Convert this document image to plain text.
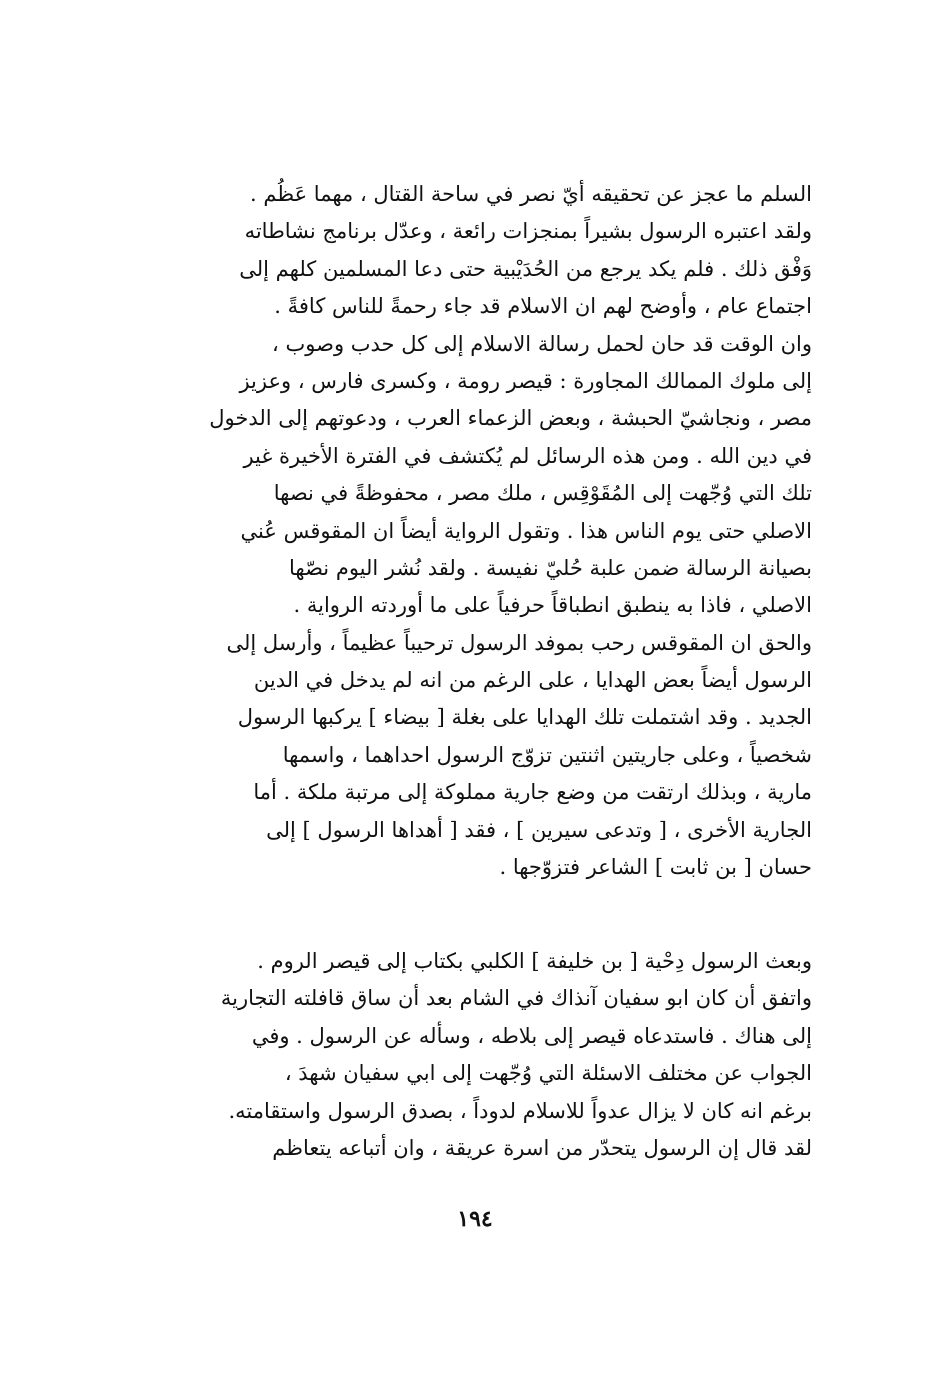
السلم ما عجز عن تحقيقه أيّ نصر في ساحة القتال ، مهما عَظُم .
ولقد اعتبره الرسول بشيراً بمنجزات رائعة ، وعدّل برنامج نشاطاته
وَفْق ذلك . فلم يكد يرجع من الحُدَيْبية حتى دعا المسلمين كلهم إلى
اجتماع عام ، وأوضح لهم ان الاسلام قد جاء رحمةً للناس كافةً .
وان الوقت قد حان لحمل رسالة الاسلام إلى كل حدب وصوب ،
إلى ملوك الممالك المجاورة : قيصر رومة ، وكسرى فارس ، وعزيز
مصر ، ونجاشيّ الحبشة ، وبعض الزعماء العرب ، ودعوتهم إلى الدخول
في دين الله . ومن هذه الرسائل لم يُكتشف في الفترة الأخيرة غير
تلك التي وُجّهت إلى المُقَوْقِس ، ملك مصر ، محفوظةً في نصها
الاصلي حتى يوم الناس هذا . وتقول الرواية أيضاً ان المقوقس عُني
بصيانة الرسالة ضمن علبة حُليّ نفيسة . ولقد نُشر اليوم نصّها
الاصلي ، فاذا به ينطبق انطباقاً حرفياً على ما أوردته الرواية .
والحق ان المقوقس رحب بموفد الرسول ترحيباً عظيماً ، وأرسل إلى
الرسول أيضاً بعض الهدايا ، على الرغم من انه لم يدخل في الدين
الجديد . وقد اشتملت تلك الهدايا على بغلة [ بيضاء ] يركبها الرسول
شخصياً ، وعلى جاريتين اثنتين تزوّج الرسول احداهما ، واسمها
مارية ، وبذلك ارتقت من وضع جارية مملوكة إلى مرتبة ملكة . أما
الجارية الأخرى ، [ وتدعى سيرين ] ، فقد [ أهداها الرسول ] إلى
حسان [ بن ثابت ] الشاعر فتزوّجها .
وبعث الرسول دِحْية [ بن خليفة ] الكلبي بكتاب إلى قيصر الروم .
واتفق أن كان ابو سفيان آنذاك في الشام بعد أن ساق قافلته التجارية
إلى هناك . فاستدعاه قيصر إلى بلاطه ، وسأله عن الرسول . وفي
الجواب عن مختلف الاسئلة التي وُجّهت إلى ابي سفيان شهدَ ،
برغم انه كان لا يزال عدواً للاسلام لدوداً ، بصدق الرسول واستقامته.
لقد قال إن الرسول يتحدّر من اسرة عريقة ، وان أتباعه يتعاظم
١٩٤
